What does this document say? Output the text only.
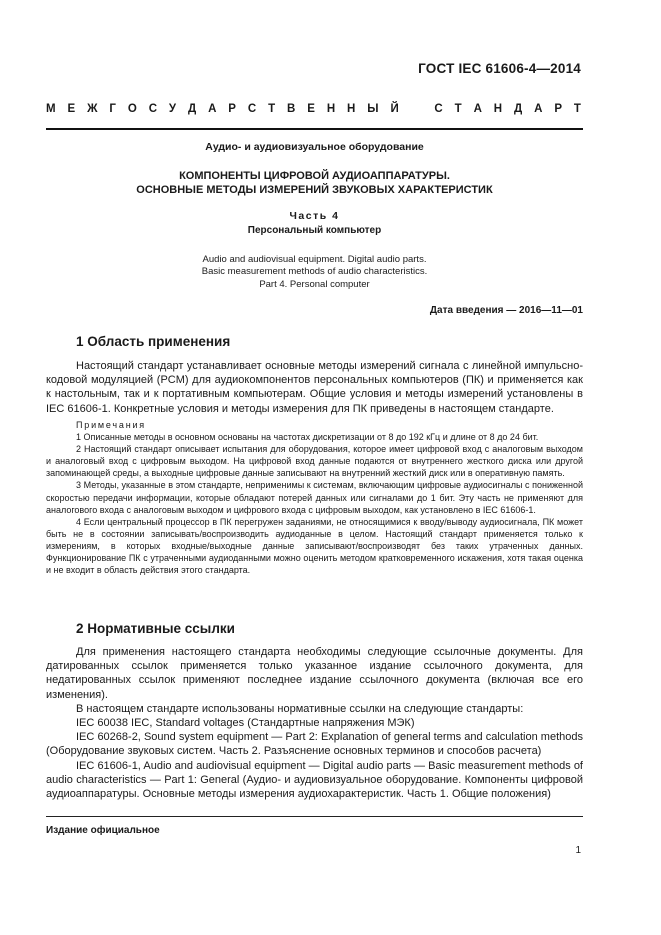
ГОСТ IEC 61606-4—2014
М Е Ж Г О С У Д А Р С Т В Е Н Н Ы Й	С Т А Н Д А Р Т
Аудио- и аудиовизуальное оборудование
КОМПОНЕНТЫ ЦИФРОВОЙ АУДИОАППАРАТУРЫ.
ОСНОВНЫЕ МЕТОДЫ ИЗМЕРЕНИЙ ЗВУКОВЫХ ХАРАКТЕРИСТИК
Часть 4
Персональный компьютер
Audio and audiovisual equipment. Digital audio parts.
Basic measurement methods of audio characteristics.
Part 4. Personal computer
Дата введения — 2016—11—01
1 Область применения

Настоящий стандарт устанавливает основные методы измерений сигнала с линейной импульсно-кодовой модуляцией (PCM) для аудиокомпонентов персональных компьютеров (ПК) и применяется как к настольным, так и к портативным компьютерам. Общие условия и методы измерений установлены в IEC 61606-1. Конкретные условия и методы измерения для ПК приведены в настоящем стандарте.

Примечания

1 Описанные методы в основном основаны на частотах дискретизации от 8 до 192 кГц и длине от 8 до 24 бит.

2 Настоящий стандарт описывает испытания для оборудования, которое имеет цифровой вход с аналоговым выходом и аналоговый вход с цифровым выходом. На цифровой вход данные подаются от внутреннего жесткого диска или другой запоминающей среды, а выходные цифровые данные записывают на внутренний жесткий диск или в оперативную память.

3 Методы, указанные в этом стандарте, неприменимы к системам, включающим цифровые аудиосигналы с пониженной скоростью передачи информации, которые обладают потерей данных или сигналами до 1 бит. Эту часть не применяют для аналогового входа с аналоговым выходом и цифрового входа с цифровым выходом, как установлено в IEC 61606-1.

4 Если центральный процессор в ПК перегружен заданиями, не относящимися к вводу/выводу аудиосигнала, ПК может быть не в состоянии записывать/воспроизводить аудиоданные в целом. Настоящий стандарт применяется только к измерениям, в которых входные/выходные данные записывают/воспроизводят без таких утраченных данных. Функционирование ПК с утраченными аудиоданными можно оценить методом кратковременного искажения, хотя такая оценка и не входит в область действия этого стандарта.

2 Нормативные ссылки

Для применения настоящего стандарта необходимы следующие ссылочные документы. Для датированных ссылок применяется только указанное издание ссылочного документа, для недатированных ссылок применяют последнее издание ссылочного документа (включая все его изменения).

В настоящем стандарте использованы нормативные ссылки на следующие стандарты:

IEC 60038 IEC, Standard voltages (Стандартные напряжения МЭК)

IEC 60268-2, Sound system equipment — Part 2: Explanation of general terms and calculation methods (Оборудование звуковых систем. Часть 2. Разъяснение основных терминов и способов расчета)

IEC 61606-1, Audio and audiovisual equipment — Digital audio parts — Basic measurement methods of audio characteristics — Part 1: General (Аудио- и аудиовизуальное оборудование. Компоненты цифровой аудиоаппаратуры. Основные методы измерения аудиохарактеристик. Часть 1. Общие положения)

Издание официальное
1
